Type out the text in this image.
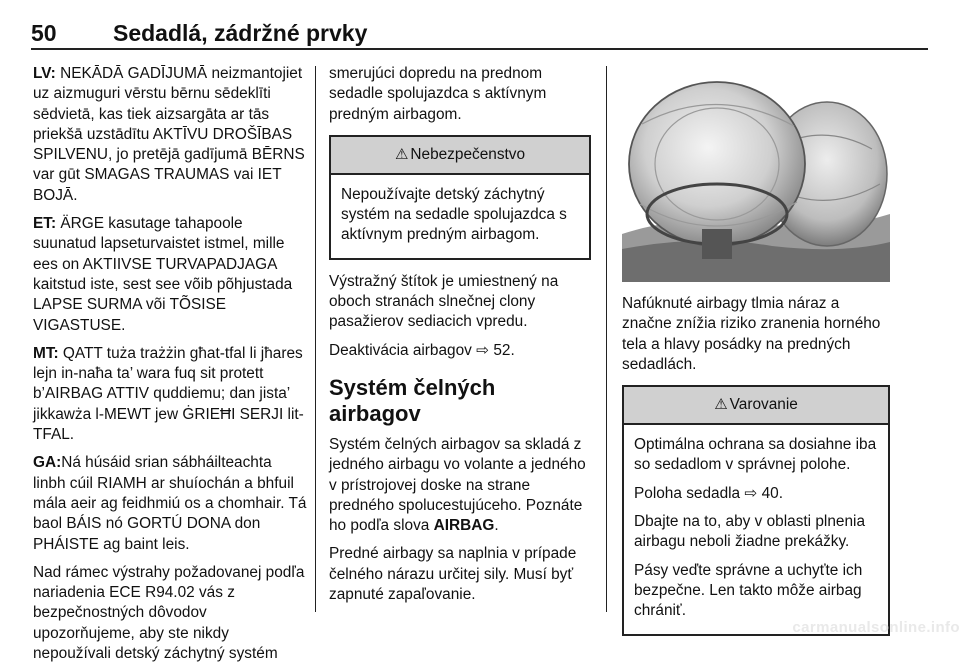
50 Sedadlá, zádržné prvky

LV: NEKĀDĀ GADĪJUMĀ neizmantojiet uz aizmuguri vērstu bērnu sēdeklīti sēdvietā, kas tiek aizsargāta ar tās priekšā uzstādītu AKTĪVU DROŠĪBAS SPILVENU, jo pretējā gadījumā BĒRNS var gūt SMAGAS TRAUMAS vai IET BOJĀ.

ET: ÄRGE kasutage tahapoole suunatud lapseturvaistet istmel, mille ees on AKTIIVSE TURVAPADJAGA kaitstud iste, sest see võib põhjustada LAPSE SURMA või TÕSISE VIGASTUSE.

MT: QATT tuża trażżin għat-tfal li jħares lejn in-naħa ta’ wara fuq sit protett b’AIRBAG ATTIV quddiemu; dan jista’ jikkawża l-MEWT jew ĠRIEĦI SERJI lit-TFAL.

GA:Ná húsáid srian sábháilteachta linbh cúil RIAMH ar shuíochán a bhfuil mála aeir ag feidhmiú os a chomhair. Tá baol BÁIS nó GORTÚ DONA don PHÁISTE ag baint leis.

Nad rámec výstrahy požadovanej podľa nariadenia ECE R94.02 vás z bezpečnostných dôvodov upozorňujeme, aby ste nikdy nepoužívali detský záchytný systém

smerujúci dopredu na prednom sedadle spolujazdca s aktívnym predným airbagom.

⚠ Nebezpečenstvo

Nepoužívajte detský záchytný systém na sedadle spolujazdca s aktívnym predným airbagom.

Výstražný štítok je umiestnený na oboch stranách slnečnej clony pasažierov sediacich vpredu.

Deaktivácia airbagov ⇨ 52.

Systém čelných airbagov

Systém čelných airbagov sa skladá z jedného airbagu vo volante a jedného v prístrojovej doske na strane predného spolucestujúceho. Poznáte ho podľa slova AIRBAG.

Predné airbagy sa naplnia v prípade čelného nárazu určitej sily. Musí byť zapnuté zapaľovanie.

Nafúknuté airbagy tlmia náraz a značne znížia riziko zranenia horného tela a hlavy posádky na predných sedadlách.

⚠ Varovanie

Optimálna ochrana sa dosiahne iba so sedadlom v správnej polohe.

Poloha sedadla ⇨ 40.

Dbajte na to, aby v oblasti plnenia airbagu neboli žiadne prekážky.

Pásy veďte správne a uchyťte ich bezpečne. Len takto môže airbag chrániť.

carmanualsonline.info
